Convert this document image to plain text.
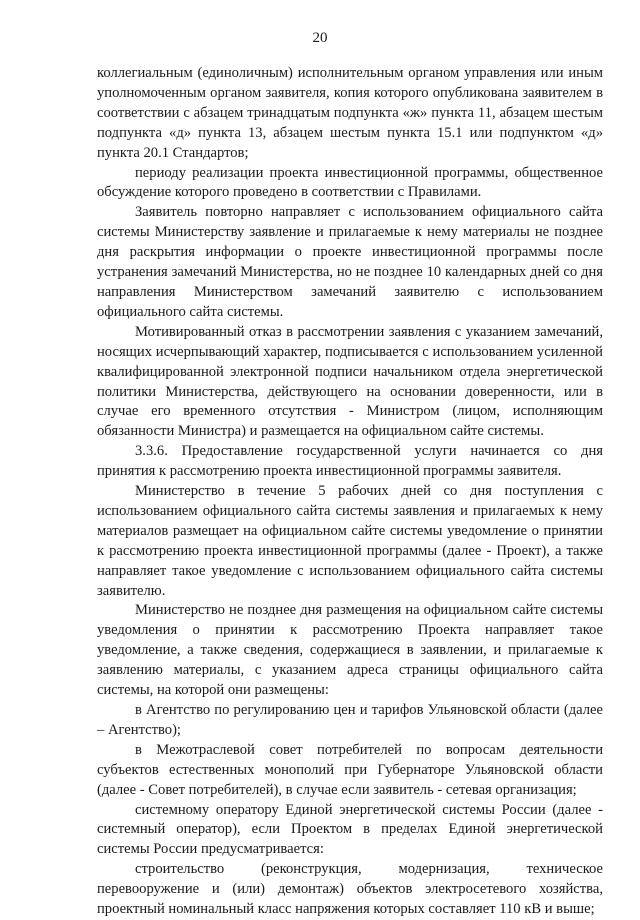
20

коллегиальным (единоличным) исполнительным органом управления или иным уполномоченным органом заявителя, копия которого опубликована заявителем в соответствии с абзацем тринадцатым подпункта «ж» пункта 11, абзацем шестым подпункта «д» пункта 13, абзацем шестым пункта 15.1 или подпунктом «д» пункта 20.1 Стандартов;

периоду реализации проекта инвестиционной программы, общественное обсуждение которого проведено в соответствии с Правилами.

Заявитель повторно направляет с использованием официального сайта системы Министерству заявление и прилагаемые к нему материалы не позднее дня раскрытия информации о проекте инвестиционной программы после устранения замечаний Министерства, но не позднее 10 календарных дней со дня направления Министерством замечаний заявителю с использованием официального сайта системы.

Мотивированный отказ в рассмотрении заявления с указанием замечаний, носящих исчерпывающий характер, подписывается с использованием усиленной квалифицированной электронной подписи начальником отдела энергетической политики Министерства, действующего на основании доверенности, или в случае его временного отсутствия - Министром (лицом, исполняющим обязанности Министра) и размещается на официальном сайте системы.

3.3.6. Предоставление государственной услуги начинается со дня принятия к рассмотрению проекта инвестиционной программы заявителя.

Министерство в течение 5 рабочих дней со дня поступления с использованием официального сайта системы заявления и прилагаемых к нему материалов размещает на официальном сайте системы уведомление о принятии к рассмотрению проекта инвестиционной программы (далее - Проект), а также направляет такое уведомление с использованием официального сайта системы заявителю.

Министерство не позднее дня размещения на официальном сайте системы уведомления о принятии к рассмотрению Проекта направляет такое уведомление, а также сведения, содержащиеся в заявлении, и прилагаемые к заявлению материалы, с указанием адреса страницы официального сайта системы, на которой они размещены:

в Агентство по регулированию цен и тарифов Ульяновской области (далее – Агентство);

в Межотраслевой совет потребителей по вопросам деятельности субъектов естественных монополий при Губернаторе Ульяновской области (далее - Совет потребителей), в случае если заявитель - сетевая организация;

системному оператору Единой энергетической системы России (далее - системный оператор), если Проектом в пределах Единой энергетической системы России предусматривается:

строительство (реконструкция, модернизация, техническое перевооружение и (или) демонтаж) объектов электросетевого хозяйства, проектный номинальный класс напряжения которых составляет 110 кВ и выше;
